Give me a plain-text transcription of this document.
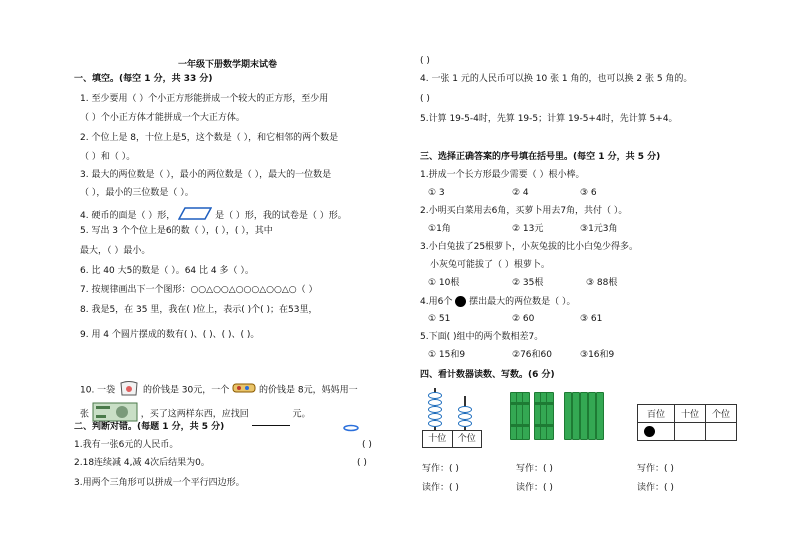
一年级下册数学期末试卷
一、填空。(每空 1 分，共 33 分)
1. 至少要用（ ）个小正方形能拼成一个较大的正方形，至少用
（ ）个小正方体才能拼成一个大正方体。
2. 个位上是 8，十位上是5，这个数是（ ），和它相邻的两个数是
（ ）和（ ）。
3. 最大的两位数是（ ），最小的两位数是（ ），最大的一位数是
（ ），最小的三位数是（ ）。
4. 硬币的面是（ ）形，	是（ ）形，我的试卷是（ ）形。
5. 写出 3 个个位上是6的数（ ），( ），( ），其中
最大，（ ）最小。
6. 比 40 大5的数是（ ）。64 比 4 多（ ）。
7. 按规律画出下一个图形：○○△○○△○○○△○○△○（ ）
8. 我是5，在 35 里，我在( )位上，表示( )个( )；在53里，
9. 用 4 个圆片摆成的数有( )、( )、( )、( )。
10. 一袋	的价钱是 30元，一个	的价钱是 8元，妈妈用一
张	，买了这两样东西，应找回	元。
二、判断对错。(每题 1 分，共 5 分)
1.我有一张6元的人民币。	( )
2.18连续减 4,减 4次后结果为0。	( )
3.用两个三角形可以拼成一个平行四边形。
( )
4. 一张 1 元的人民币可以换 10 张 1 角的，也可以换 2 张 5 角的。
( )
5.计算 19-5-4时，先算 19-5；计算 19-5+4时，先计算 5+4。
三、选择正确答案的序号填在括号里。(每空 1 分，共 5 分)
1.拼成一个长方形最少需要（ ）根小棒。
① 3	② 4	③ 6
2.小明买白菜用去6角，买萝卜用去7角，共付（ ）。
①1角	② 13元	③1元3角
3.小白兔拔了25根萝卜，小灰兔拔的比小白兔少得多。
小灰兔可能拔了（ ）根萝卜。
① 10根	② 35根	③ 88根
4.用6个 摆出最大的两位数是（ ）。
① 51	② 60	③ 61
5.下面( )组中的两个数相差7。
① 15和9	②76和60	③16和9
四、看计数器读数、写数。(6 分)
十位	个位
百位	十位	个位

写作：( )	写作：( )	写作：( )
读作：( )	读作：( )	读作：( )
